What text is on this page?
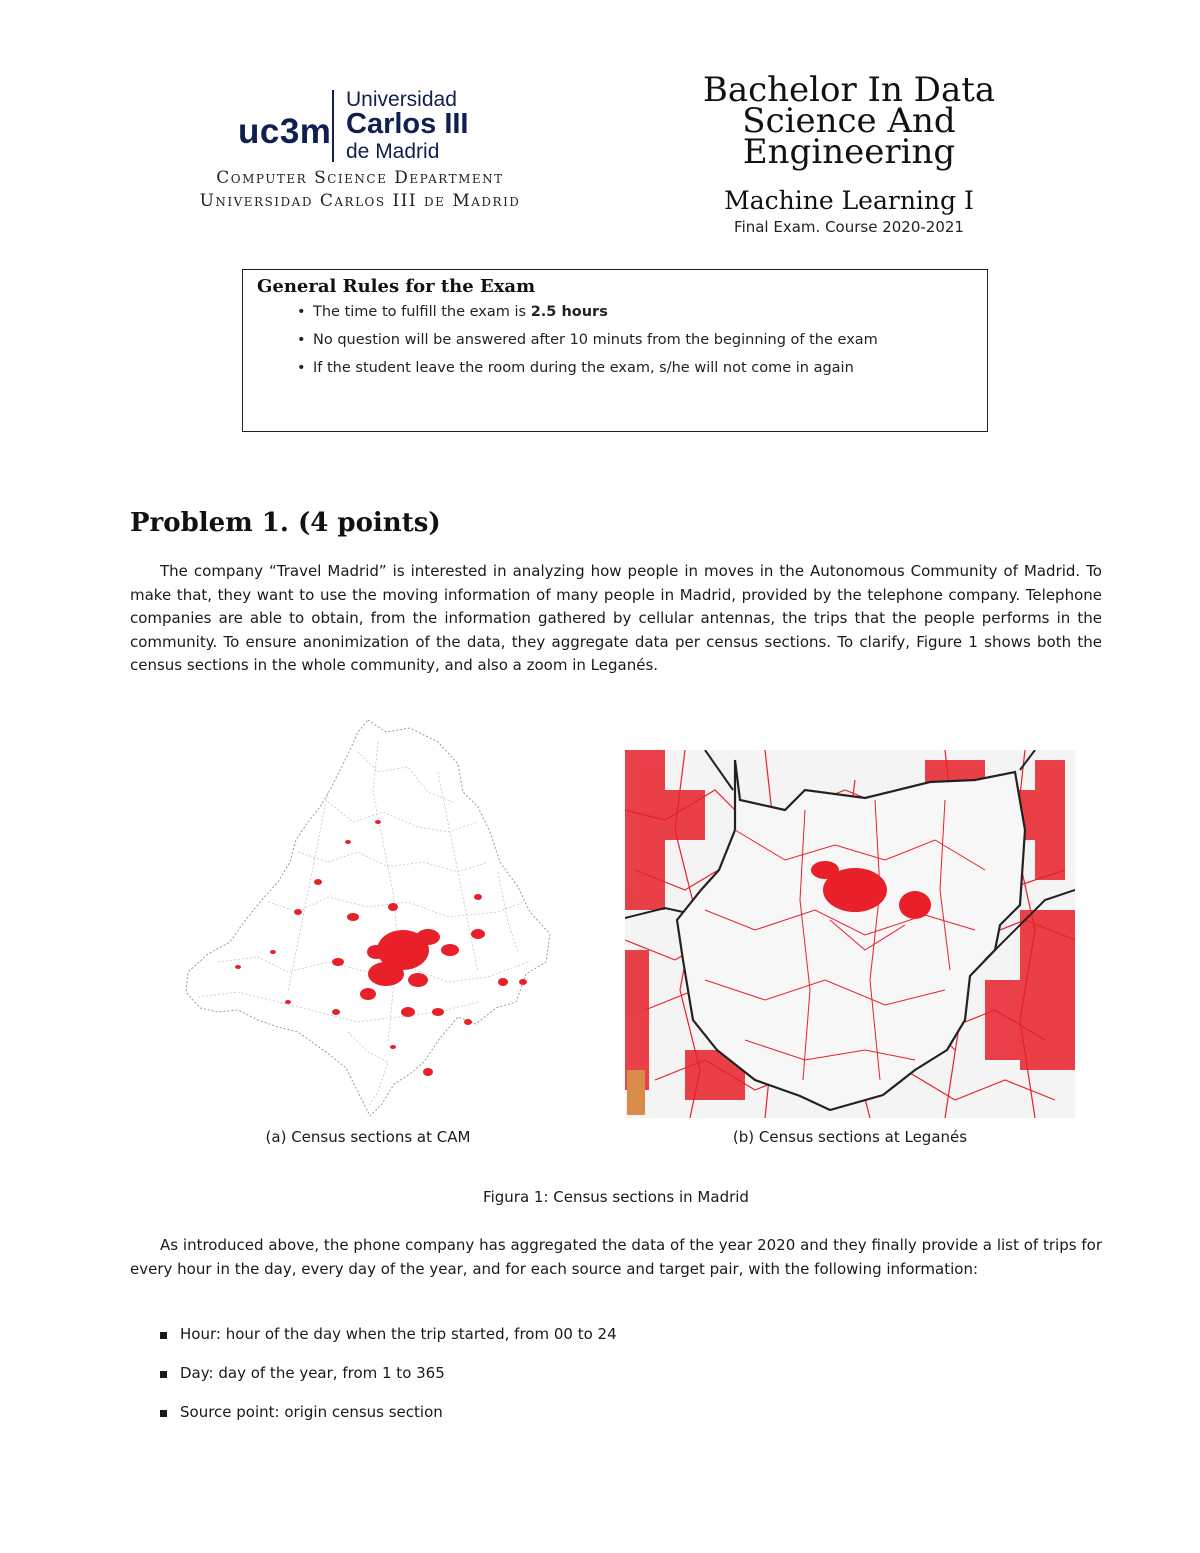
uc3m
Universidad
Carlos III
de Madrid
Computer Science Department
Universidad Carlos III de Madrid
Bachelor In Data
Science And
Engineering
Machine Learning I
Final Exam. Course 2020-2021
General Rules for the Exam
• The time to fulfill the exam is 2.5 hours
• No question will be answered after 10 minuts from the beginning of the exam
• If the student leave the room during the exam, s/he will not come in again
Problem 1. (4 points)

The company “Travel Madrid” is interested in analyzing how people in moves in the Autonomous Community of Madrid. To make that, they want to use the moving information of many people in Madrid, provided by the telephone company. Telephone companies are able to obtain, from the information gathered by cellular antennas, the trips that the people performs in the community. To ensure anonimization of the data, they aggregate data per census sections. To clarify, Figure 1 shows both the census sections in the whole community, and also a zoom in Leganés.

(a) Census sections at CAM	(b) Census sections at Leganés
Figura 1: Census sections in Madrid

As introduced above, the phone company has aggregated the data of the year 2020 and they finally provide a list of trips for every hour in the day, every day of the year, and for each source and target pair, with the following information:

Hour: hour of the day when the trip started, from 00 to 24
Day: day of the year, from 1 to 365
Source point: origin census section
